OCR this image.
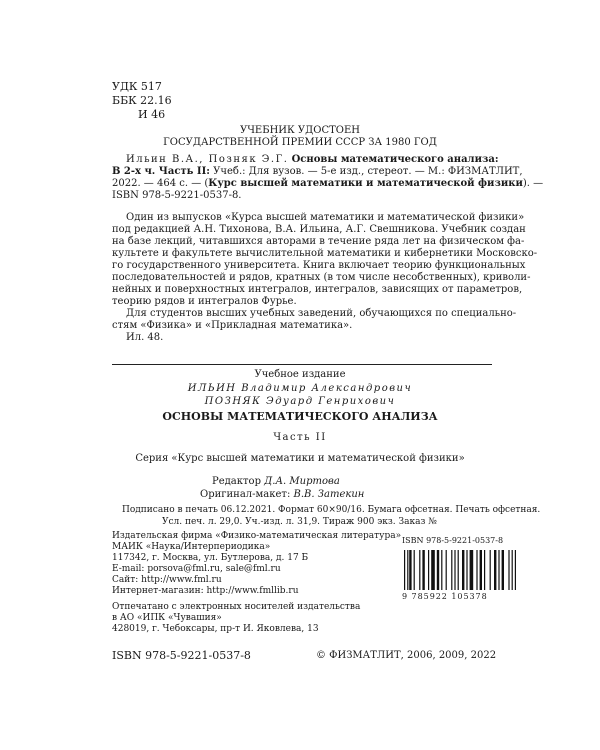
УДК 517
ББК 22.16
И 46
УЧЕБНИК УДОСТОЕН
ГОСУДАРСТВЕННОЙ ПРЕМИИ СССР ЗА 1980 ГОД
Ильин В.А., Позняк Э.Г. Основы математического анализа:
В 2-х ч. Часть II: Учеб.: Для вузов. — 5-е изд., стереот. — М.: ФИЗМАТЛИТ,
2022. — 464 с. — (Курс высшей математики и математической физики). —
ISBN 978-5-9221-0537-8.
Один из выпусков «Курса высшей математики и математической физики»
под редакцией А.Н. Тихонова, В.А. Ильина, А.Г. Свешникова. Учебник создан
на базе лекций, читавшихся авторами в течение ряда лет на физическом фа-
культете и факультете вычислительной математики и кибернетики Московско-
го государственного университета. Книга включает теорию функциональных
последовательностей и рядов, кратных (в том числе несобственных), криволи-
нейных и поверхностных интегралов, интегралов, зависящих от параметров,
теорию рядов и интегралов Фурье.
Для студентов высших учебных заведений, обучающихся по специально-
стям «Физика» и «Прикладная математика».
Ил. 48.
Учебное издание
ИЛЬИН Владимир Александрович
ПОЗНЯК Эдуард Генрихович
ОСНОВЫ МАТЕМАТИЧЕСКОГО АНАЛИЗА
Часть II
Серия «Курс высшей математики и математической физики»
Редактор Д.А. Миртова
Оригинал-макет: В.В. Затекин
Подписано в печать 06.12.2021. Формат 60×90/16. Бумага офсетная. Печать офсетная.
Усл. печ. л. 29,0. Уч.-изд. л. 31,9. Тираж 900 экз. Заказ №
Издательская фирма «Физико-математическая литература»
МАИК «Наука/Интерпериодика»
117342, г. Москва, ул. Бутлерова, д. 17 Б
E-mail: porsova@fml.ru, sale@fml.ru
Сайт: http://www.fml.ru
Интернет-магазин: http://www.fmllib.ru
Отпечатано с электронных носителей издательства
в АО «ИПК «Чувашия»
428019, г. Чебоксары, пр-т И. Яковлева, 13
ISBN 978-5-9221-0537-8
9 785922 105378
ISBN 978-5-9221-0537-8	© ФИЗМАТЛИТ, 2006, 2009, 2022
